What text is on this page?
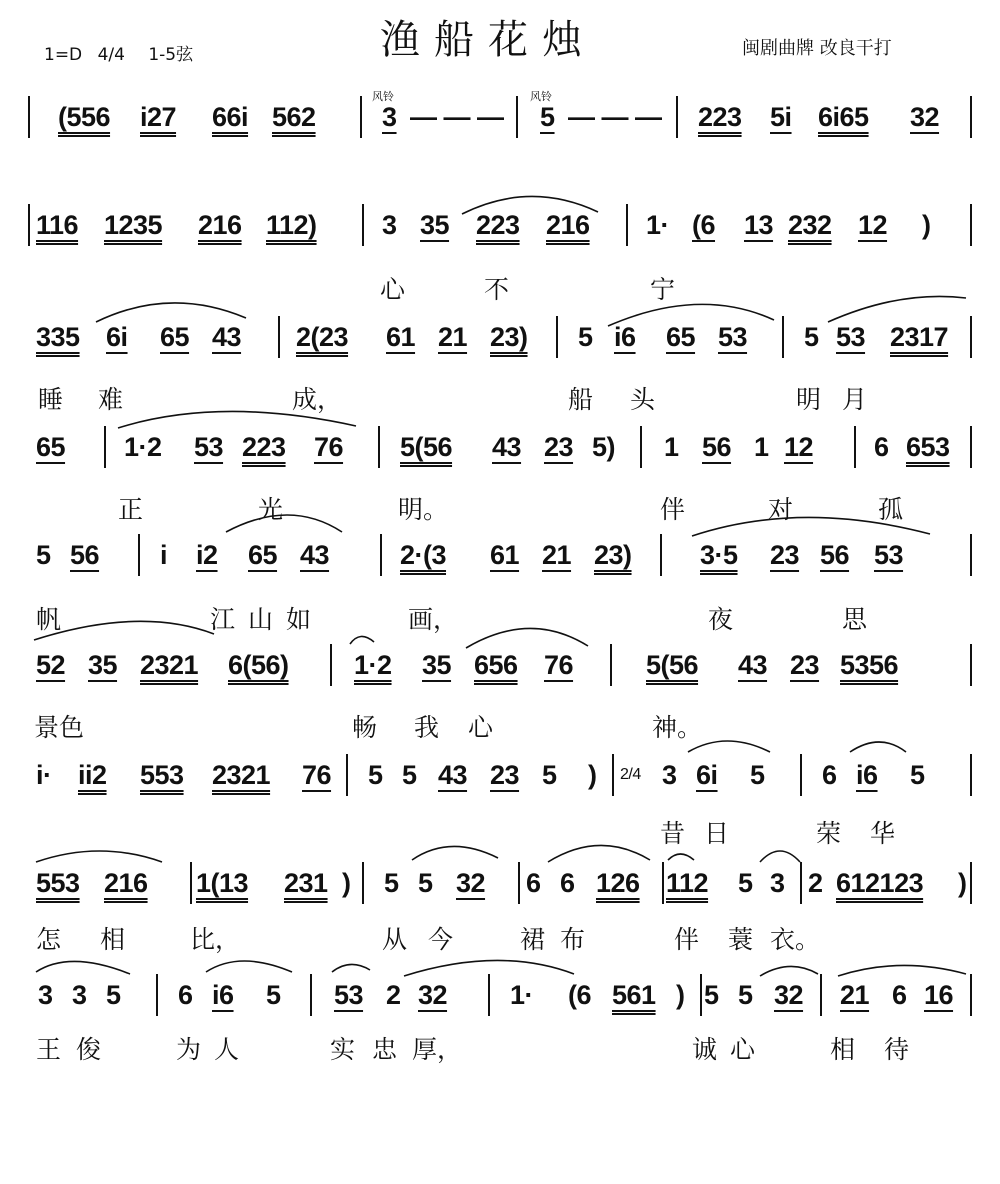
渔船花烛
1=D 4/4 1-5弦	闽剧曲牌 改良干打
风铃	风铃
(556 i27 66i 562 3 — — — 5 — — — 223 5i 6i65 32
116 1235 216 112) 3 35 223 216 1· (6 13 232 12 )
心	不	宁
335 6i 65 43 2(23 61 21 23) 5 i6 65 53 5 53 2317
睡 难	成，	船 头	明 月
65 1·2 53 223 76 5(56 43 23 5) 1 56 1 12 6 653
正	光	明。	伴	对	孤
5 56 i i2 65 43	2·(3 61 21 23)	3·5 23 56 53
帆	江 山 如	画，	夜	思
52 35 2321 6(56) 1·2 35 656 76	5(56 43 23 5356
景色	畅 我 心	神。
i· ii2 553 2321 76 5 5 43 23 5 ) 2/4 3 6i 5 6 i6 5
昔 日	荣 华
553 216 1(13 231 ) 5 5 32 6 6 126 112 5 3 2 612123 )
怎 相	比，	从 今	裙 布	伴 蓑 衣。
3 3 5 6 i6 5 53 2 32 1· (6 561 ) 5 5 32 21 6 16
王 俊	为 人	实 忠 厚，	诚 心	相 待
